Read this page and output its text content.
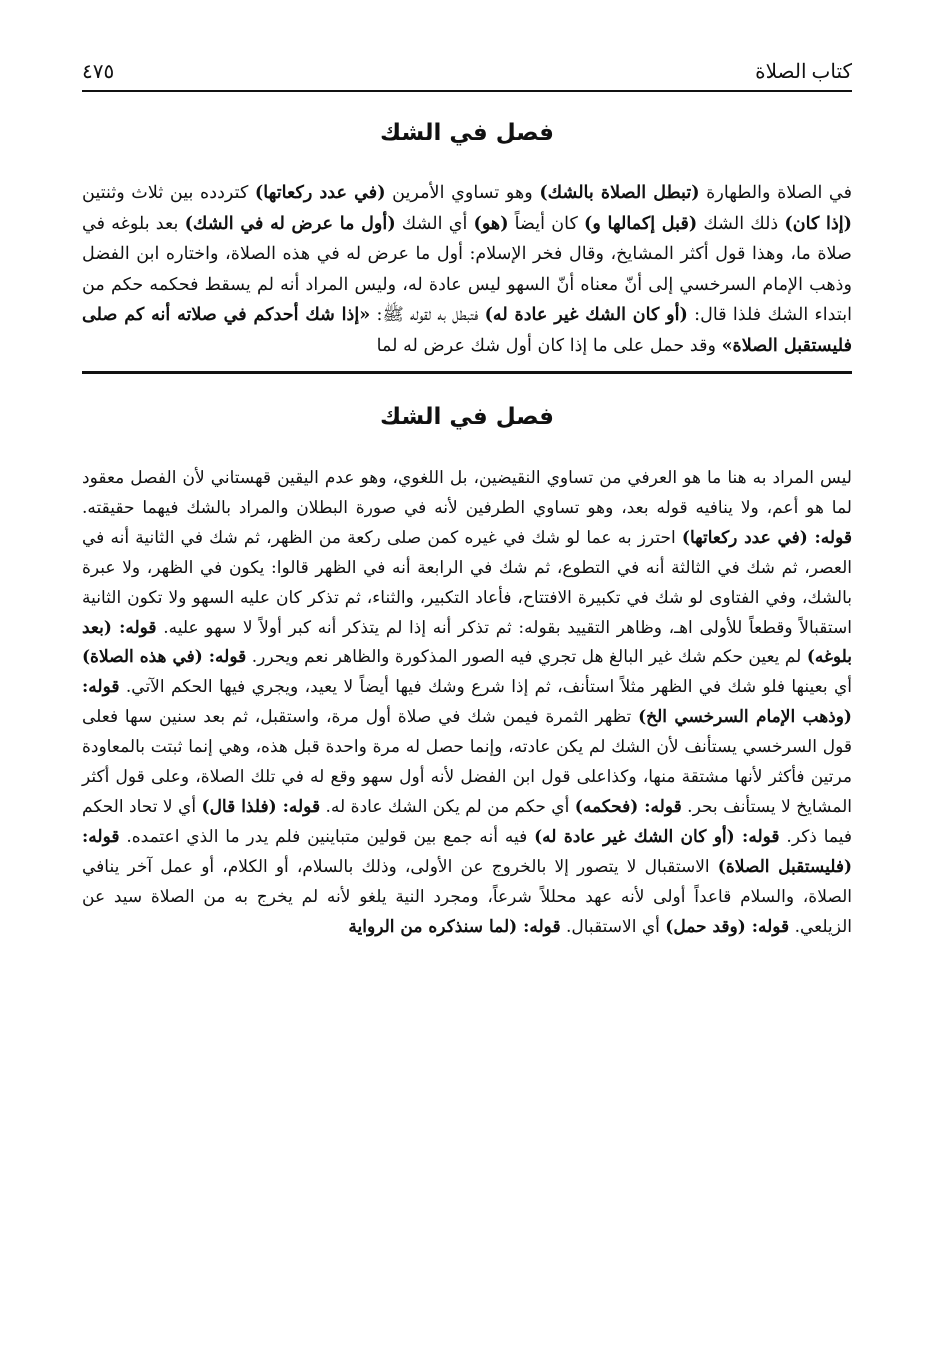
كتاب الصلاة
٤٧٥
فصل في الشك
في الصلاة والطهارة (تبطل الصلاة بالشك) وهو تساوي الأمرين (في عدد ركعاتها) كتردده بين ثلاث وثنتين (إذا كان) ذلك الشك (قبل إكمالها و) كان أيضاً (هو) أي الشك (أول ما عرض له في الشك) بعد بلوغه في صلاة ما، وهذا قول أكثر المشايخ، وقال فخر الإسلام: أول ما عرض له في هذه الصلاة، واختاره ابن الفضل وذهب الإمام السرخسي إلى أنّ معناه أنّ السهو ليس عادة له، وليس المراد أنه لم يسقط فحكمه حكم من ابتداء الشك فلذا قال: (أو كان الشك غير عادة له) فتبطل به لقوله ﷺ: «إذا شك أحدكم في صلاته أنه كم صلى فليستقبل الصلاة» وقد حمل على ما إذا كان أول شك عرض له لما
فصل في الشك
ليس المراد به هنا ما هو العرفي من تساوي النقيضين، بل اللغوي، وهو عدم اليقين قهستاني لأن الفصل معقود لما هو أعم، ولا ينافيه قوله بعد، وهو تساوي الطرفين لأنه في صورة البطلان والمراد بالشك فيهما حقيقته. قوله: (في عدد ركعاتها) احترز به عما لو شك في غيره كمن صلى ركعة من الظهر، ثم شك في الثانية أنه في العصر، ثم شك في الثالثة أنه في التطوع، ثم شك في الرابعة أنه في الظهر قالوا: يكون في الظهر، ولا عبرة بالشك، وفي الفتاوى لو شك في تكبيرة الافتتاح، فأعاد التكبير، والثناء، ثم تذكر كان عليه السهو ولا تكون الثانية استقبالاً وقطعاً للأولى اهـ، وظاهر التقييد بقوله: ثم تذكر أنه إذا لم يتذكر أنه كبر أولاً لا سهو عليه. قوله: (بعد بلوغه) لم يعين حكم شك غير البالغ هل تجري فيه الصور المذكورة والظاهر نعم ويحرر. قوله: (في هذه الصلاة) أي بعينها فلو شك في الظهر مثلاً استأنف، ثم إذا شرع وشك فيها أيضاً لا يعيد، ويجري فيها الحكم الآتي. قوله: (وذهب الإمام السرخسي الخ) تظهر الثمرة فيمن شك في صلاة أول مرة، واستقبل، ثم بعد سنين سها فعلى قول السرخسي يستأنف لأن الشك لم يكن عادته، وإنما حصل له مرة واحدة قبل هذه، وهي إنما ثبتت بالمعاودة مرتين فأكثر لأنها مشتقة منها، وكذاعلى قول ابن الفضل لأنه أول سهو وقع له في تلك الصلاة، وعلى قول أكثر المشايخ لا يستأنف بحر. قوله: (فحكمه) أي حكم من لم يكن الشك عادة له. قوله: (فلذا قال) أي لا تحاد الحكم فيما ذكر. قوله: (أو كان الشك غير عادة له) فيه أنه جمع بين قولين متباينين فلم يدر ما الذي اعتمده. قوله: (فليستقبل الصلاة) الاستقبال لا يتصور إلا بالخروج عن الأولى، وذلك بالسلام، أو الكلام، أو عمل آخر ينافي الصلاة، والسلام قاعداً أولى لأنه عهد محللاً شرعاً، ومجرد النية يلغو لأنه لم يخرج به من الصلاة سيد عن الزيلعي. قوله: (وقد حمل) أي الاستقبال. قوله: (لما سنذكره من الرواية
